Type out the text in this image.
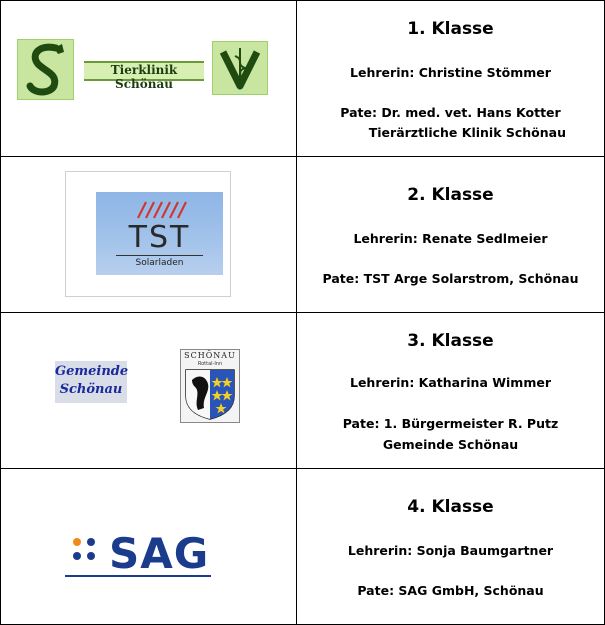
Tierklinik Schönau
1. Klasse
Lehrerin: Christine Stömmer
Pate: Dr. med. vet. Hans Kotter
Tierärztliche Klinik Schönau
TST
Solarladen
2. Klasse
Lehrerin: Renate Sedlmeier
Pate: TST Arge Solarstrom, Schönau
Gemeinde
Schönau
SCHÖNAU
Rottal-Inn
3. Klasse
Lehrerin: Katharina Wimmer
Pate: 1. Bürgermeister R. Putz
Gemeinde Schönau
SAG
4. Klasse
Lehrerin: Sonja Baumgartner
Pate: SAG GmbH, Schönau
